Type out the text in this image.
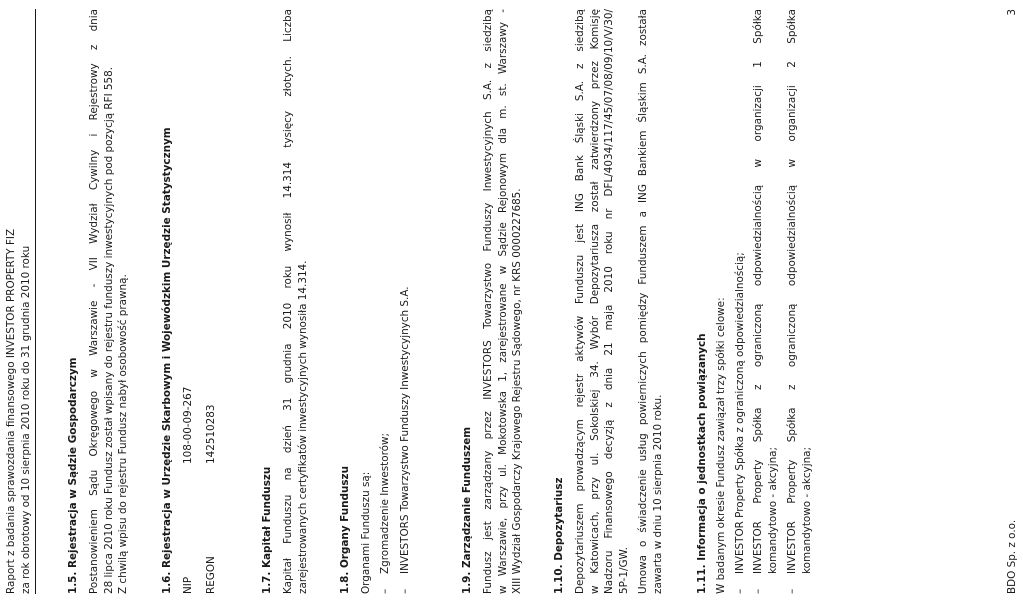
Raport z badania sprawozdania finansowego INVESTOR PROPERTY FIZ za rok obrotowy od 10 sierpnia 2010 roku do 31 grudnia 2010 roku	1.5. Rejestracja w Sądzie Gospodarczym Postanowieniem Sądu Okręgowego w Warszawie - VII Wydział Cywilny i Rejestrowy z dnia 28 lipca 2010 roku Fundusz został wpisany do rejestru funduszy inwestycyjnych pod pozycją RFI 558. Z chwilą wpisu do rejestru Fundusz nabył osobowość prawną.	1.6. Rejestracja w Urzędzie Skarbowym i Wojewódzkim Urzędzie Statystycznym NIP
108-00-09-267
REGON
142510283
1.7. Kapitał Funduszu Kapitał Funduszu na dzień 31 grudnia 2010 roku wynosił 14.314 tysięcy złotych. Liczba zarejestrowanych certyfikatów inwestycyjnych wynosiła 14.314.	1.8. Organy Funduszu Organami Funduszu są: –
Zgromadzenie Inwestorów;
–
INVESTORS Towarzystwo Funduszy Inwestycyjnych S.A.	1.9. Zarządzanie Funduszem Fundusz jest zarządzany przez INVESTORS Towarzystwo Funduszy Inwestycyjnych S.A. z siedzibą w Warszawie, przy ul. Mokotowska 1, zarejestrowane w Sądzie Rejonowym dla m. st. Warszawy - XIII Wydział Gospodarczy Krajowego Rejestru Sądowego, nr KRS 0000227685.	1.10. Depozytariusz Depozytariuszem prowadzącym rejestr aktywów Funduszu jest ING Bank Śląski S.A. z siedzibą w Katowicach, przy ul. Sokolskiej 34. Wybór Depozytariusza został zatwierdzony przez Komisję Nadzoru Finansowego decyzją z dnia 21 maja 2010 roku nr DFL/4034/117/45/07/08/09/10/V/30/ 5P-1/GW. Umowa o świadczenie usług powierniczych pomiędzy Funduszem a ING Bankiem Śląskim S.A. została zawarta w dniu 10 sierpnia 2010 roku.	1.11. Informacja o jednostkach powiązanych W badanym okresie Fundusz zawiązał trzy spółki celowe: –
INVESTOR Property Spółka z ograniczoną odpowiedzialnością;
–
INVESTOR Property Spółka z ograniczoną odpowiedzialnością w organizacji 1 Spółka komandytowo - akcyjna;
–
INVESTOR Property Spółka z ograniczoną odpowiedzialnością w organizacji 2 Spółka komandytowo - akcyjna;	BDO Sp. z o.o.
3
